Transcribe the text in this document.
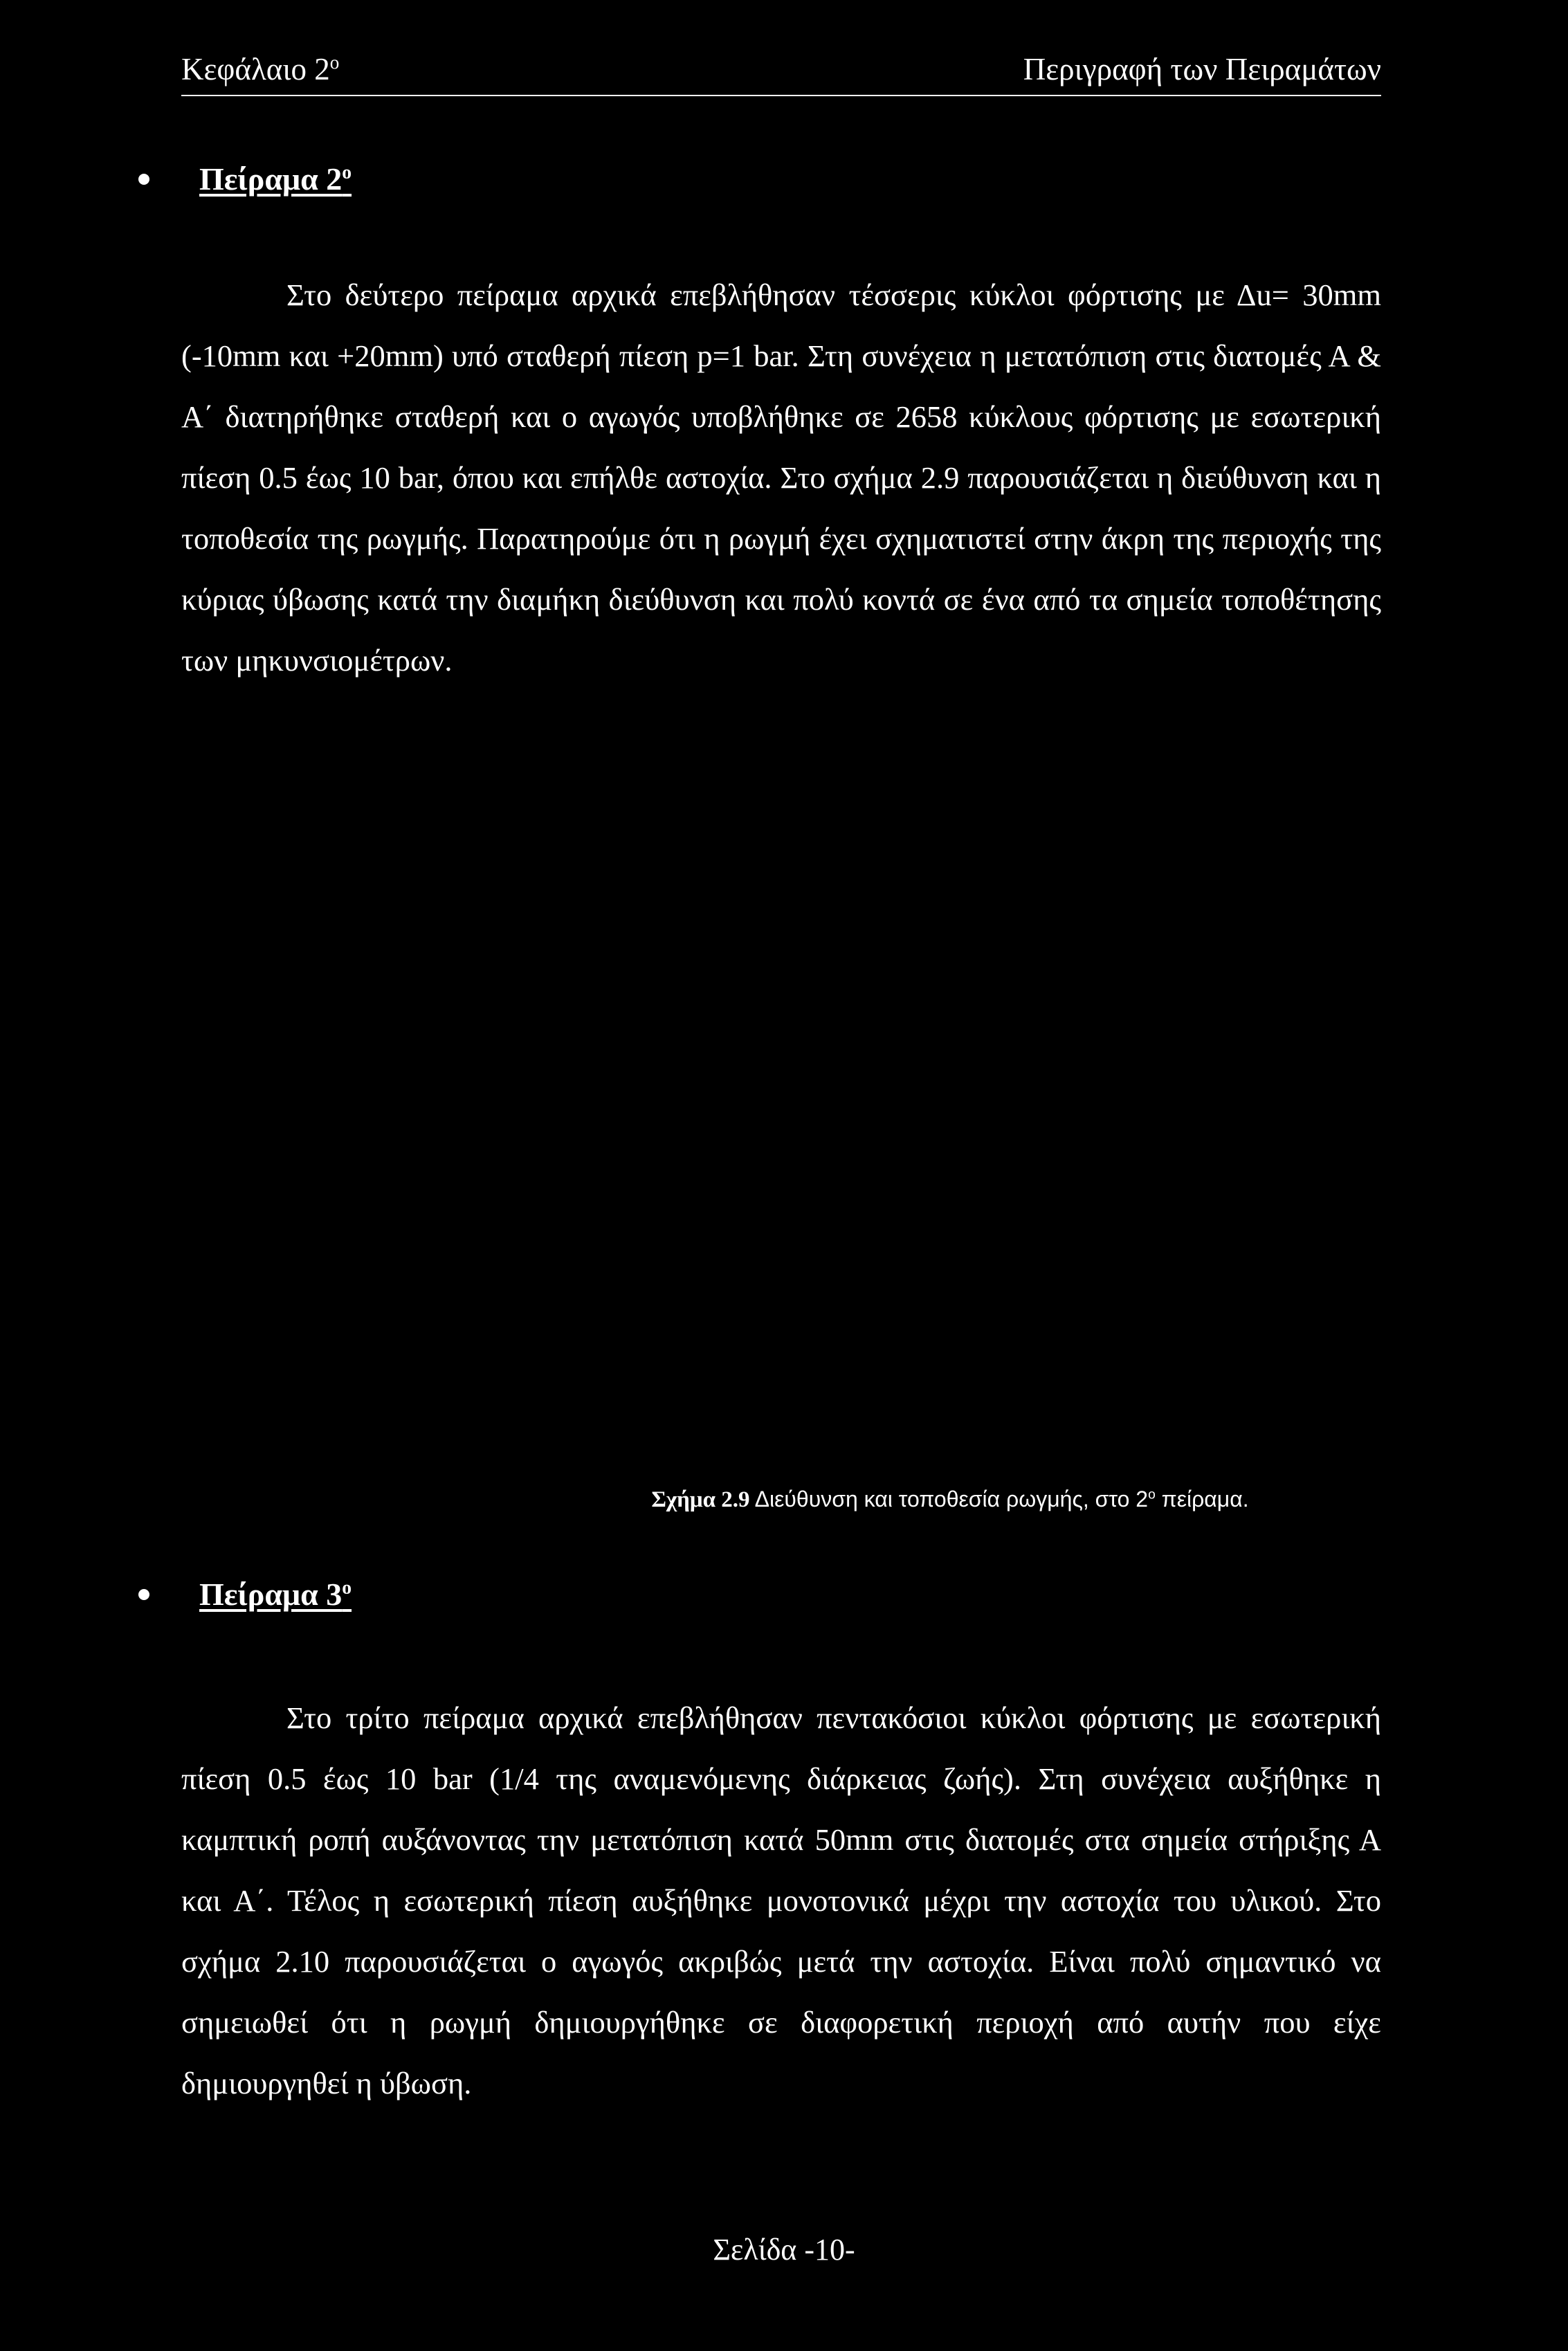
Κεφάλαιο $2^o$	Περιγραφή των Πειραμάτων
Πείραμα $2^o$

Στο δεύτερο πείραμα αρχικά επεβλήθησαν τέσσερις κύκλοι φόρτισης με Δu= 30mm (-10mm και +20mm) υπό σταθερή πίεση p=1 bar. Στη συνέχεια η μετατόπιση στις διατομές Α & Α΄ διατηρήθηκε σταθερή και ο αγωγός υποβλήθηκε σε 2658 κύκλους φόρτισης με εσωτερική πίεση 0.5 έως 10 bar, όπου και επήλθε αστοχία. Στο σχήμα 2.9 παρουσιάζεται η διεύθυνση και η τοποθεσία της ρωγμής. Παρατηρούμε ότι η ρωγμή έχει σχηματιστεί στην άκρη της περιοχής της κύριας ύβωσης κατά την διαμήκη διεύθυνση και πολύ κοντά σε ένα από τα σημεία τοποθέτησης των μηκυνσιομέτρων.

Σχήμα 2.9 Διεύθυνση και τοποθεσία ρωγμής, στο $2^o$ πείραμα.
Πείραμα $3^o$

Στο τρίτο πείραμα αρχικά επεβλήθησαν πεντακόσιοι κύκλοι φόρτισης με εσωτερική πίεση 0.5 έως 10 bar (1/4 της αναμενόμενης διάρκειας ζωής). Στη συνέχεια αυξήθηκε η καμπτική ροπή αυξάνοντας την μετατόπιση κατά 50mm στις διατομές στα σημεία στήριξης Α και Α΄. Τέλος η εσωτερική πίεση αυξήθηκε μονοτονικά μέχρι την αστοχία του υλικού. Στο σχήμα 2.10 παρουσιάζεται ο αγωγός ακριβώς μετά την αστοχία. Είναι πολύ σημαντικό να σημειωθεί ότι η ρωγμή δημιουργήθηκε σε διαφορετική περιοχή από αυτήν που είχε δημιουργηθεί η ύβωση.

Σελίδα -10-
